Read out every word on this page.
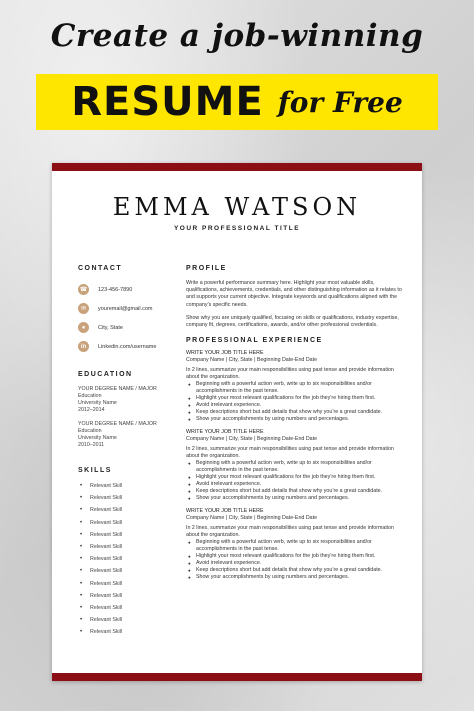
Create a job-winning
RESUME for Free
EMMA WATSON
YOUR PROFESSIONAL TITLE
CONTACT
☎	123-456-7890
✉	youremail@gmail.com
●	City, State
in	Linkedin.com/username
EDUCATION
YOUR DEGREE NAME / MAJOR
Education
University Name
2012–2014
YOUR DEGREE NAME / MAJOR
Education
University Name
2010–2011
SKILLS
•	Relevant Skill
•	Relevant Skill
•	Relevant Skill
•	Relevant Skill
•	Relevant Skill
•	Relevant Skill
•	Relevant Skill
•	Relevant Skill
•	Relevant Skill
•	Relevant Skill
•	Relevant Skill
•	Relevant Skill
•	Relevant Skill
PROFILE

Write a powerful performance summary here. Highlight your most valuable skills, qualifications, achievements, credentials, and other distinguishing information as it relates to and supports your current objective. Integrate keywords and qualifications aligned with the company’s specific needs.

Show why you are uniquely qualified, focusing on skills or qualifications, industry expertise, company fit, degrees, certifications, awards, and/or other professional credentials.

PROFESSIONAL EXPERIENCE
WRITE YOUR JOB TITLE HERE
Company Name | City, State | Beginning Date-End Date
In 2 lines, summarize your main responsibilities using past tense and provide information about the organization.
● Beginning with a powerful action verb, write up to six responsibilities and/or accomplishments in the past tense.
● Highlight your most relevant qualifications for the job they’re hiring them first.
● Avoid irrelevant experience.
● Keep descriptions short but add details that show why you’re a great candidate.
● Show your accomplishments by using numbers and percentages.
WRITE YOUR JOB TITLE HERE
Company Name | City, State | Beginning Date-End Date
In 2 lines, summarize your main responsibilities using past tense and provide information about the organization.
● Beginning with a powerful action verb, write up to six responsibilities and/or accomplishments in the past tense.
● Highlight your most relevant qualifications for the job they’re hiring them first.
● Avoid irrelevant experience.
● Keep descriptions short but add details that show why you’re a great candidate.
● Show your accomplishments by using numbers and percentages.
WRITE YOUR JOB TITLE HERE
Company Name | City, State | Beginning Date-End Date
In 2 lines, summarize your main responsibilities using past tense and provide information about the organization.
● Beginning with a powerful action verb, write up to six responsibilities and/or accomplishments in the past tense.
● Highlight your most relevant qualifications for the job they’re hiring them first.
● Avoid irrelevant experience.
● Keep descriptions short but add details that show why you’re a great candidate.
● Show your accomplishments by using numbers and percentages.
